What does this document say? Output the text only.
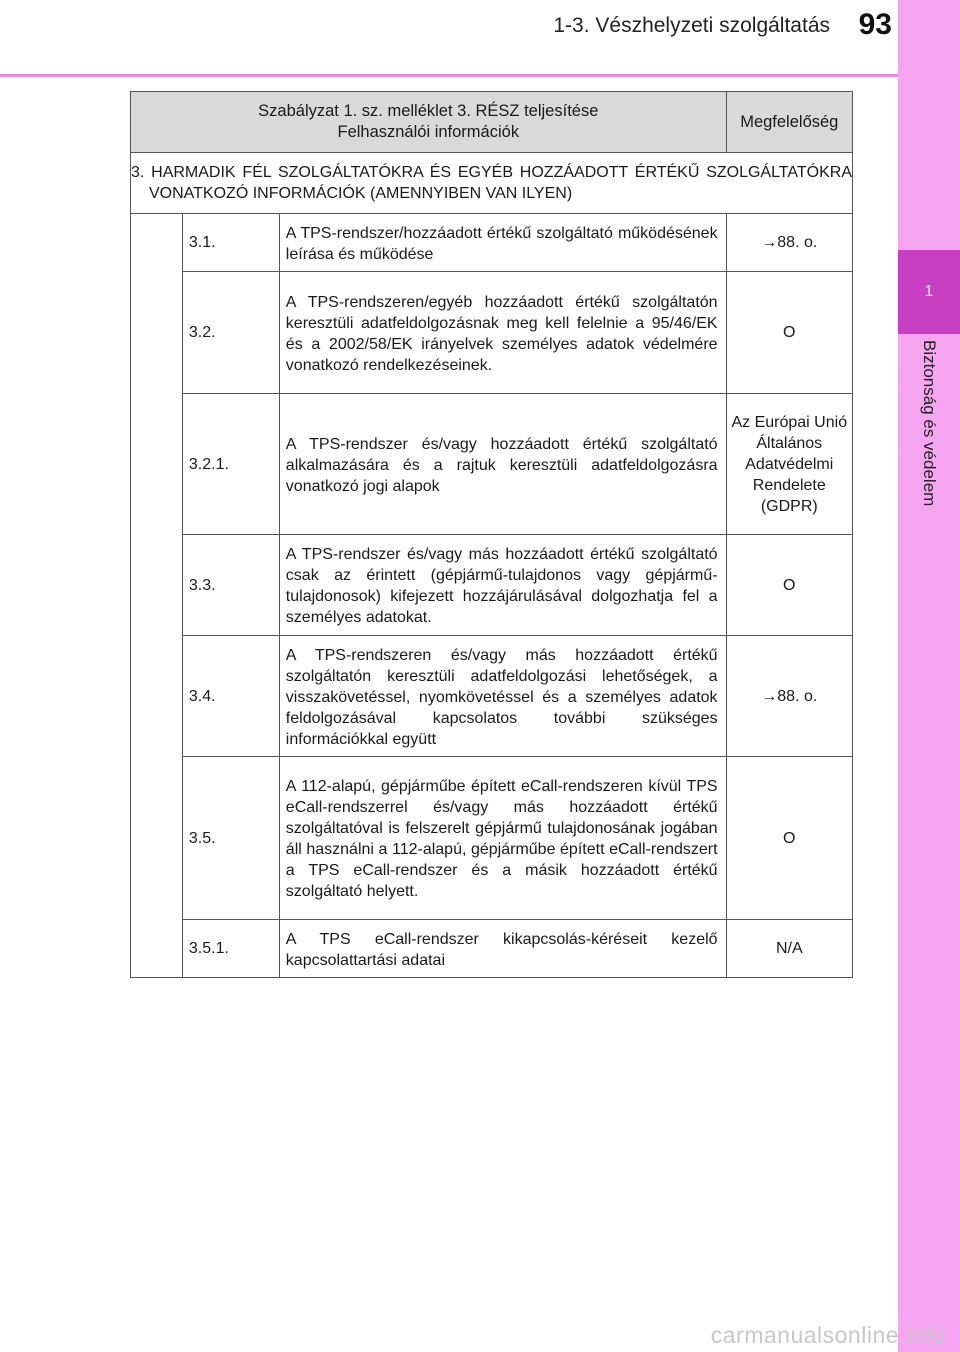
1-3. Vészhelyzeti szolgáltatás 93
1
Biztonság és védelem
Szabályzat 1. sz. melléklet 3. RÉSZ teljesítése
Felhasználói információk			Megfelelőség

3. HARMADIK FÉL SZOLGÁLTATÓKRA ÉS EGYÉB HOZZÁADOTT ÉRTÉKŰ SZOLGÁLTATÓKRA VONATKOZÓ INFORMÁCIÓK (AMENNYIBEN VAN ILYEN)			

	3.1.	A TPS-rendszer/hozzáadott értékű szolgáltató működésének leírása és működése	→88. o.
	3.2.	A TPS-rendszeren/egyéb hozzáadott értékű szolgáltatón keresztüli adatfeldolgozásnak meg kell felelnie a 95/46/EK és a 2002/58/EK irányelvek személyes adatok védelmére vonatkozó rendelkezéseinek.	O
	3.2.1.	A TPS-rendszer és/vagy hozzáadott értékű szolgáltató alkalmazására és a rajtuk keresztüli adatfeldolgozásra vonatkozó jogi alapok	Az Európai Unió Általános Adatvédelmi Rendelete (GDPR)
	3.3.	A TPS-rendszer és/vagy más hozzáadott értékű szolgáltató csak az érintett (gépjármű-tulajdonos vagy gépjármű-tulajdonosok) kifejezett hozzájárulásával dolgozhatja fel a személyes adatokat.	O
	3.4.	A TPS-rendszeren és/vagy más hozzáadott értékű szolgáltatón keresztüli adatfeldolgozási lehetőségek, a visszakövetéssel, nyomkövetéssel és a személyes adatok feldolgozásával kapcsolatos további szükséges információkkal együtt	→88. o.
	3.5.	A 112-alapú, gépjárműbe épített eCall-rendszeren kívül TPS eCall-rendszerrel és/vagy más hozzáadott értékű szolgáltatóval is felszerelt gépjármű tulajdonosának jogában áll használni a 112-alapú, gépjárműbe épített eCall-rendszert a TPS eCall-rendszer és a másik hozzáadott értékű szolgáltató helyett.	O
	3.5.1.	A TPS eCall-rendszer kikapcsolás-kéréseit kezelő kapcsolattartási adatai	N/A
carmanualsonline.info
